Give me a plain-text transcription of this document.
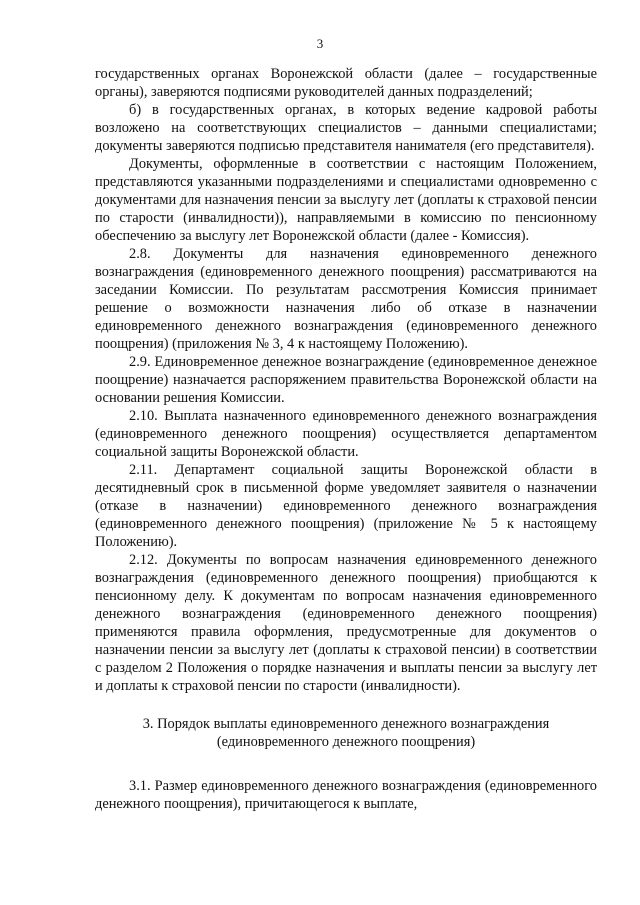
3

государственных органах Воронежской области (далее – государственные органы), заверяются подписями руководителей данных подразделений;

б) в государственных органах, в которых ведение кадровой работы возложено на соответствующих специалистов – данными специалистами; документы заверяются подписью представителя нанимателя (его представителя).

Документы, оформленные в соответствии с настоящим Положением, представляются указанными подразделениями и специалистами одновременно с документами для назначения пенсии за выслугу лет (доплаты к страховой пенсии по старости (инвалидности)), направляемыми в комиссию по пенсионному обеспечению за выслугу лет Воронежской области (далее - Комиссия).

2.8. Документы для назначения единовременного денежного вознаграждения (единовременного денежного поощрения) рассматриваются на заседании Комиссии. По результатам рассмотрения Комиссия принимает решение о возможности назначения либо об отказе в назначении единовременного денежного вознаграждения (единовременного денежного поощрения) (приложения № 3, 4 к настоящему Положению).

2.9. Единовременное денежное вознаграждение (единовременное денежное поощрение) назначается распоряжением правительства Воронежской области на основании решения Комиссии.

2.10. Выплата назначенного единовременного денежного вознаграждения (единовременного денежного поощрения) осуществляется департаментом социальной защиты Воронежской области.

2.11. Департамент социальной защиты Воронежской области в десятидневный срок в письменной форме уведомляет заявителя о назначении (отказе в назначении) единовременного денежного вознаграждения (единовременного денежного поощрения) (приложение № 5 к настоящему Положению).

2.12. Документы по вопросам назначения единовременного денежного вознаграждения (единовременного денежного поощрения) приобщаются к пенсионному делу. К документам по вопросам назначения единовременного денежного вознаграждения (единовременного денежного поощрения) применяются правила оформления, предусмотренные для документов о назначении пенсии за выслугу лет (доплаты к страховой пенсии) в соответствии с разделом 2 Положения о порядке назначения и выплаты пенсии за выслугу лет и доплаты к страховой пенсии по старости (инвалидности).

3. Порядок выплаты единовременного денежного вознаграждения
(единовременного денежного поощрения)

3.1. Размер единовременного денежного вознаграждения (единовременного денежного поощрения), причитающегося к выплате,
